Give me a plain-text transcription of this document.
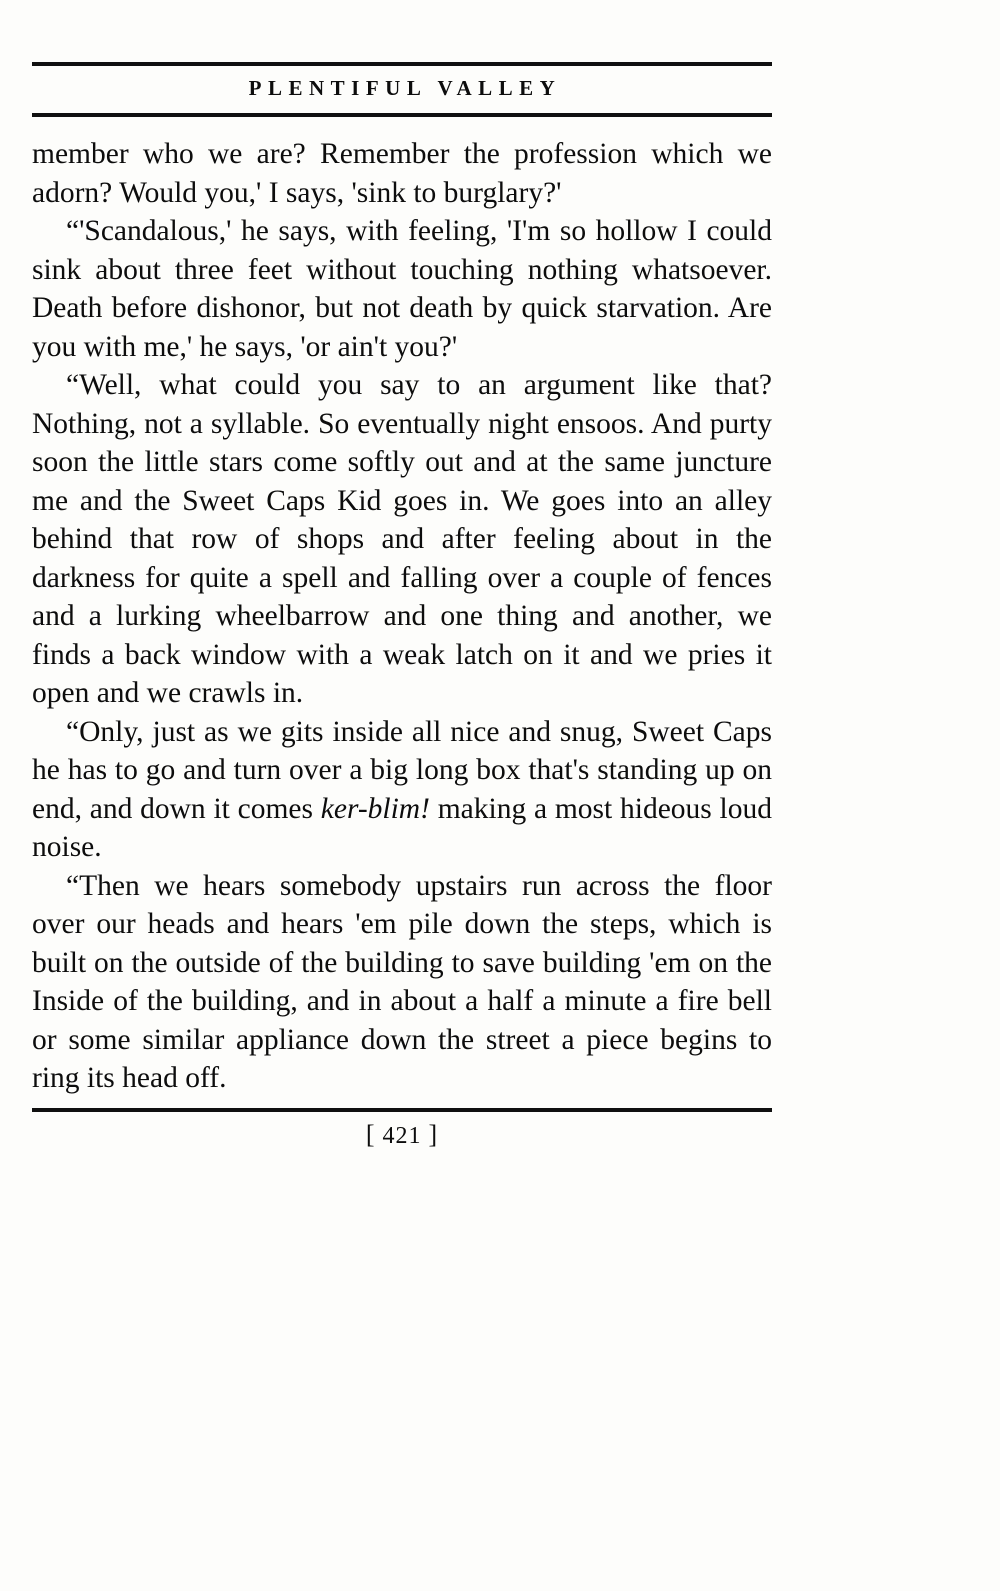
PLENTIFUL VALLEY

member who we are? Remember the profession which we adorn? Would you,' I says, 'sink to burglary?'

“'Scandalous,' he says, with feeling, 'I'm so hollow I could sink about three feet without touching nothing whatsoever. Death before dishonor, but not death by quick starvation. Are you with me,' he says, 'or ain't you?'

“Well, what could you say to an argument like that? Nothing, not a syllable. So eventually night ensoos. And purty soon the little stars come softly out and at the same juncture me and the Sweet Caps Kid goes in. We goes into an alley behind that row of shops and after feeling about in the darkness for quite a spell and falling over a couple of fences and a lurking wheelbarrow and one thing and another, we finds a back window with a weak latch on it and we pries it open and we crawls in.

“Only, just as we gits inside all nice and snug, Sweet Caps he has to go and turn over a big long box that's standing up on end, and down it comes ker-blim! making a most hideous loud noise.

“Then we hears somebody upstairs run across the floor over our heads and hears 'em pile down the steps, which is built on the outside of the building to save building 'em on the Inside of the building, and in about a half a minute a fire bell or some similar appliance down the street a piece begins to ring its head off.

[ 421 ]
